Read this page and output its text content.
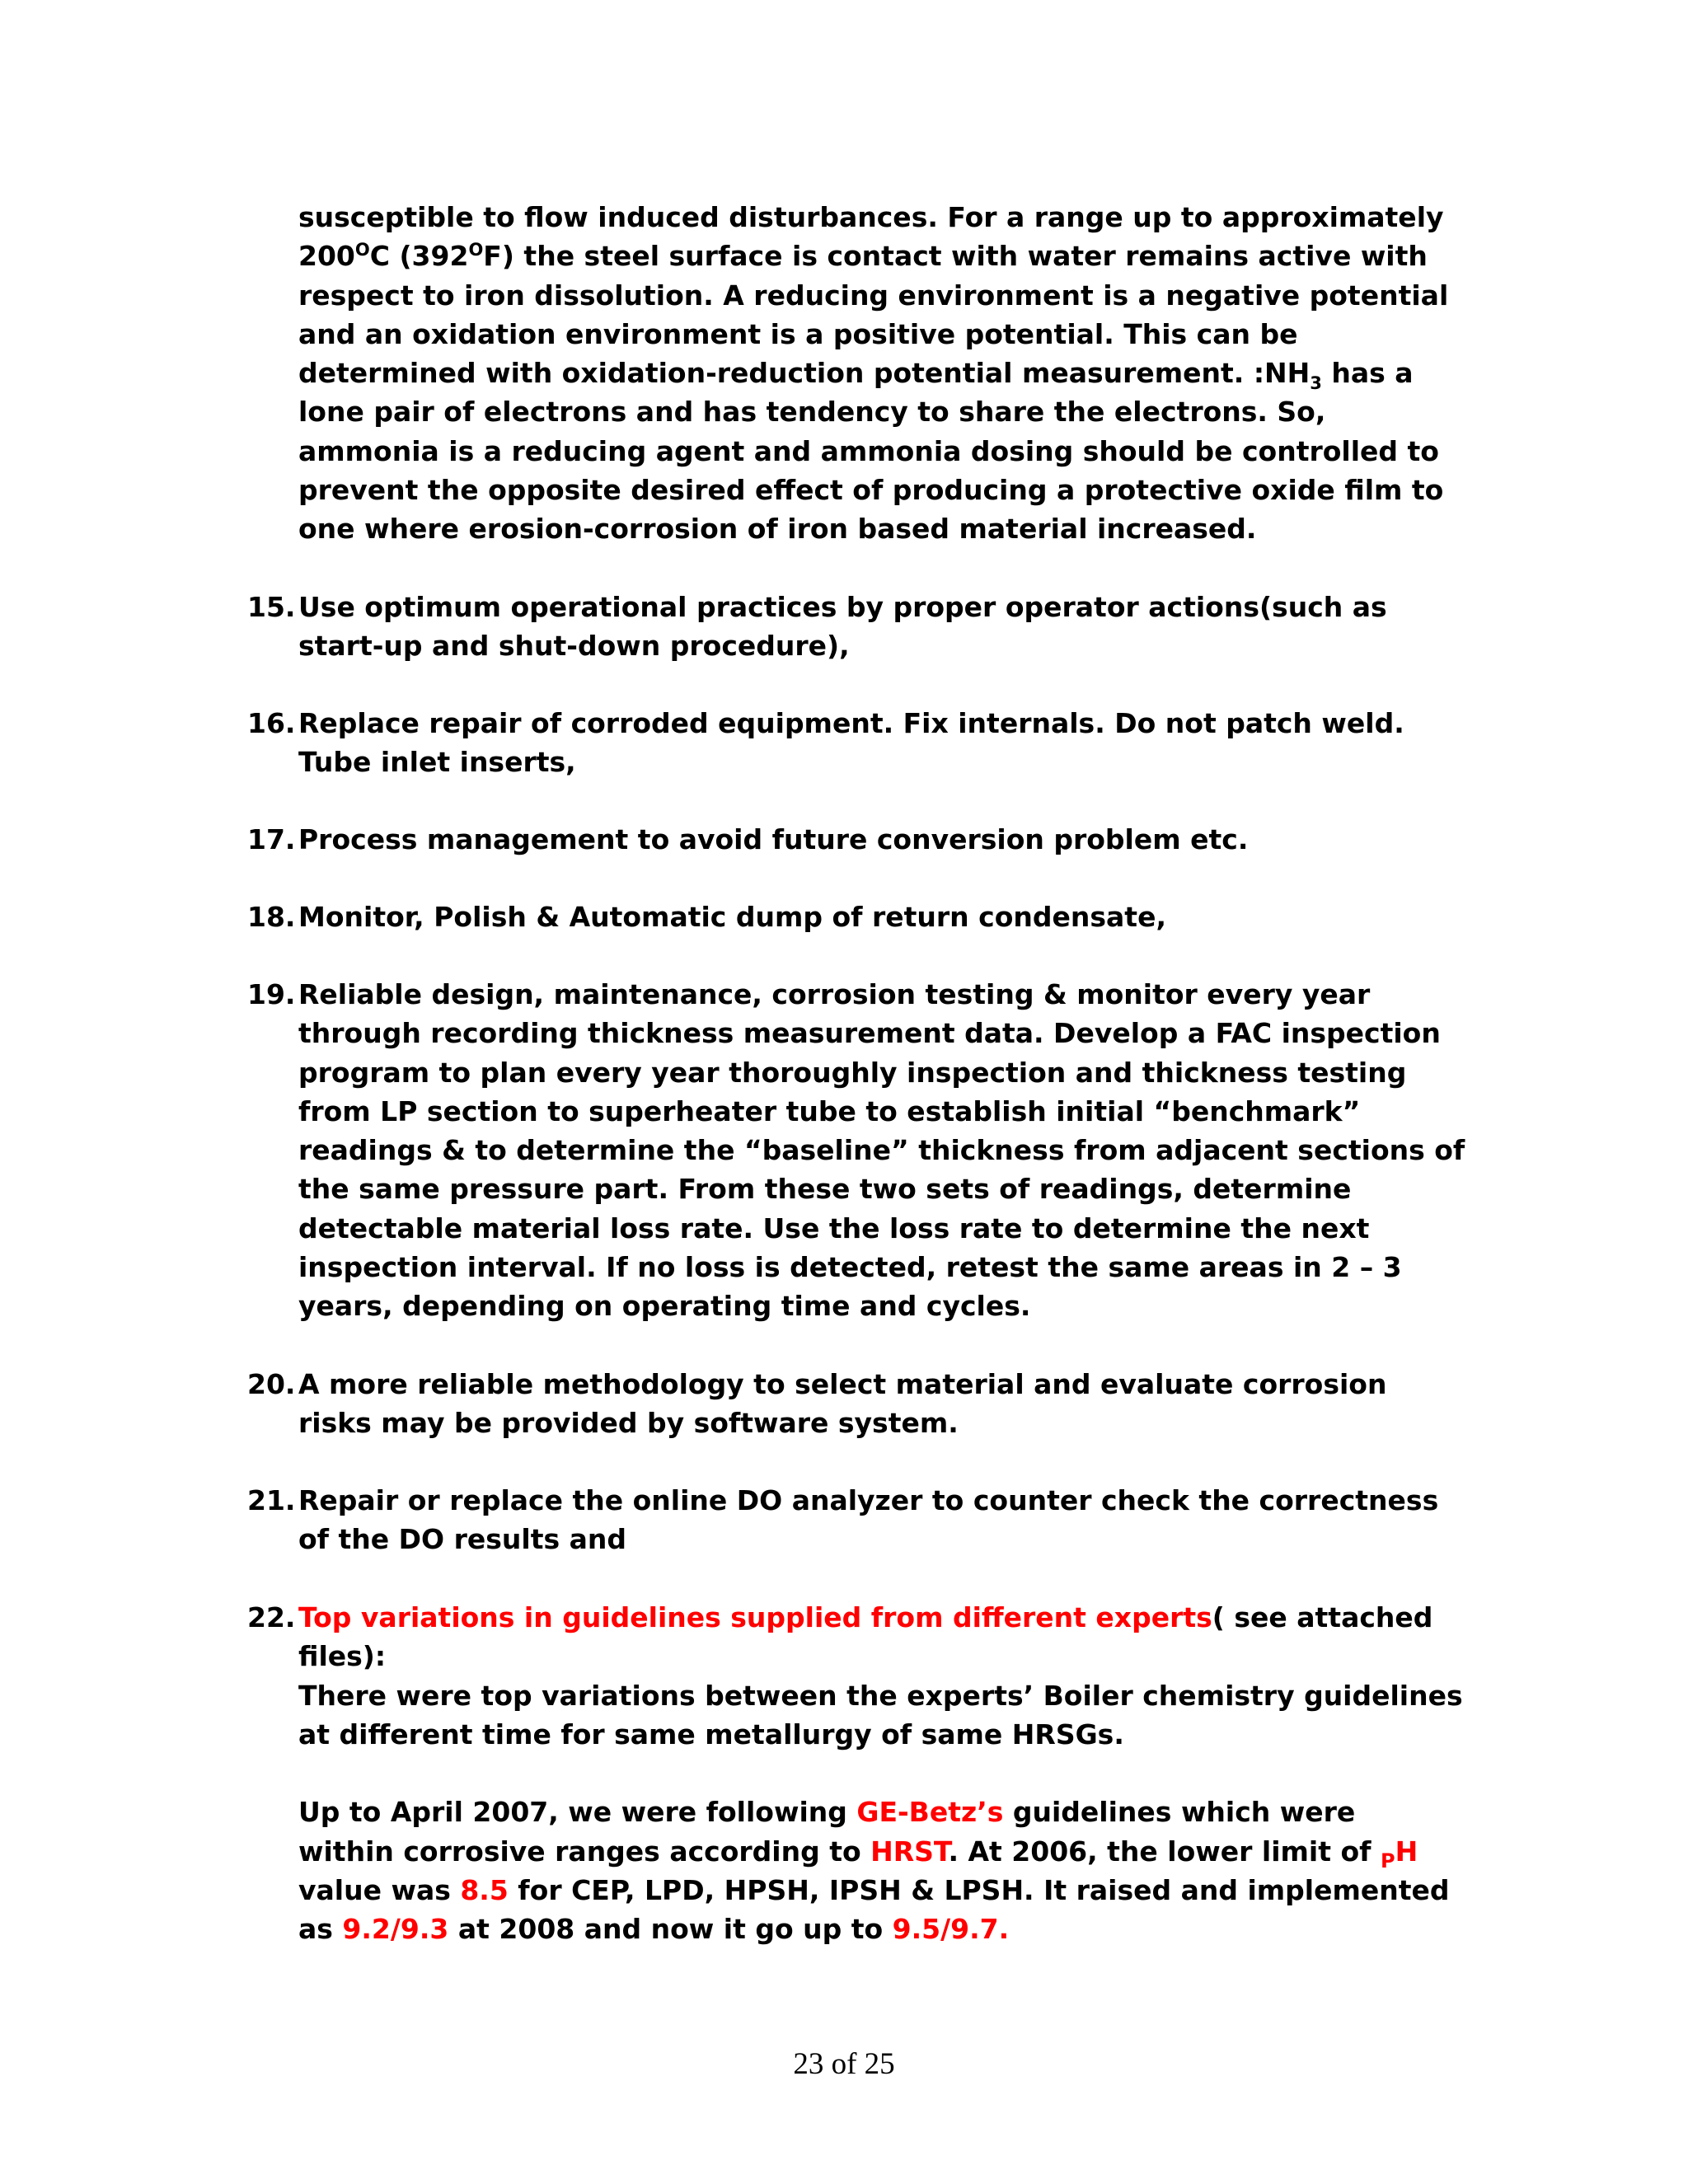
susceptible to flow induced disturbances. For a range up to approximately
$200^OC$ $(392^OF)$ the steel surface is contact with water remains active with
respect to iron dissolution. A reducing environment is a negative potential
and an oxidation environment is a positive potential. This can be
determined with oxidation-reduction potential measurement. $:NH_3$ has a
lone pair of electrons and has tendency to share the electrons. So,
ammonia is a reducing agent and ammonia dosing should be controlled to
prevent the opposite desired effect of producing a protective oxide film to
one where erosion-corrosion of iron based material increased.
15. Use optimum operational practices by proper operator actions(such as
start-up and shut-down procedure),
16. Replace repair of corroded equipment. Fix internals. Do not patch weld.
Tube inlet inserts,
17. Process management to avoid future conversion problem etc.
18. Monitor, Polish & Automatic dump of return condensate,
19. Reliable design, maintenance, corrosion testing & monitor every year
through recording thickness measurement data. Develop a FAC inspection
program to plan every year thoroughly inspection and thickness testing
from LP section to superheater tube to establish initial “benchmark”
readings & to determine the “baseline” thickness from adjacent sections of
the same pressure part. From these two sets of readings, determine
detectable material loss rate. Use the loss rate to determine the next
inspection interval. If no loss is detected, retest the same areas in 2 – 3
years, depending on operating time and cycles.
20. A more reliable methodology to select material and evaluate corrosion
risks may be provided by software system.
21. Repair or replace the online DO analyzer to counter check the correctness
of the DO results and
22. Top variations in guidelines supplied from different experts( see attached
files):
There were top variations between the experts’ Boiler chemistry guidelines
at different time for same metallurgy of same HRSGs.

Up to April 2007, we were following GE-Betz’s guidelines which were
within corrosive ranges according to HRST. At 2006, the lower limit of $_P$H
value was 8.5 for CEP, LPD, HPSH, IPSH & LPSH. It raised and implemented
as 9.2/9.3 at 2008 and now it go up to 9.5/9.7.
23 of 25
